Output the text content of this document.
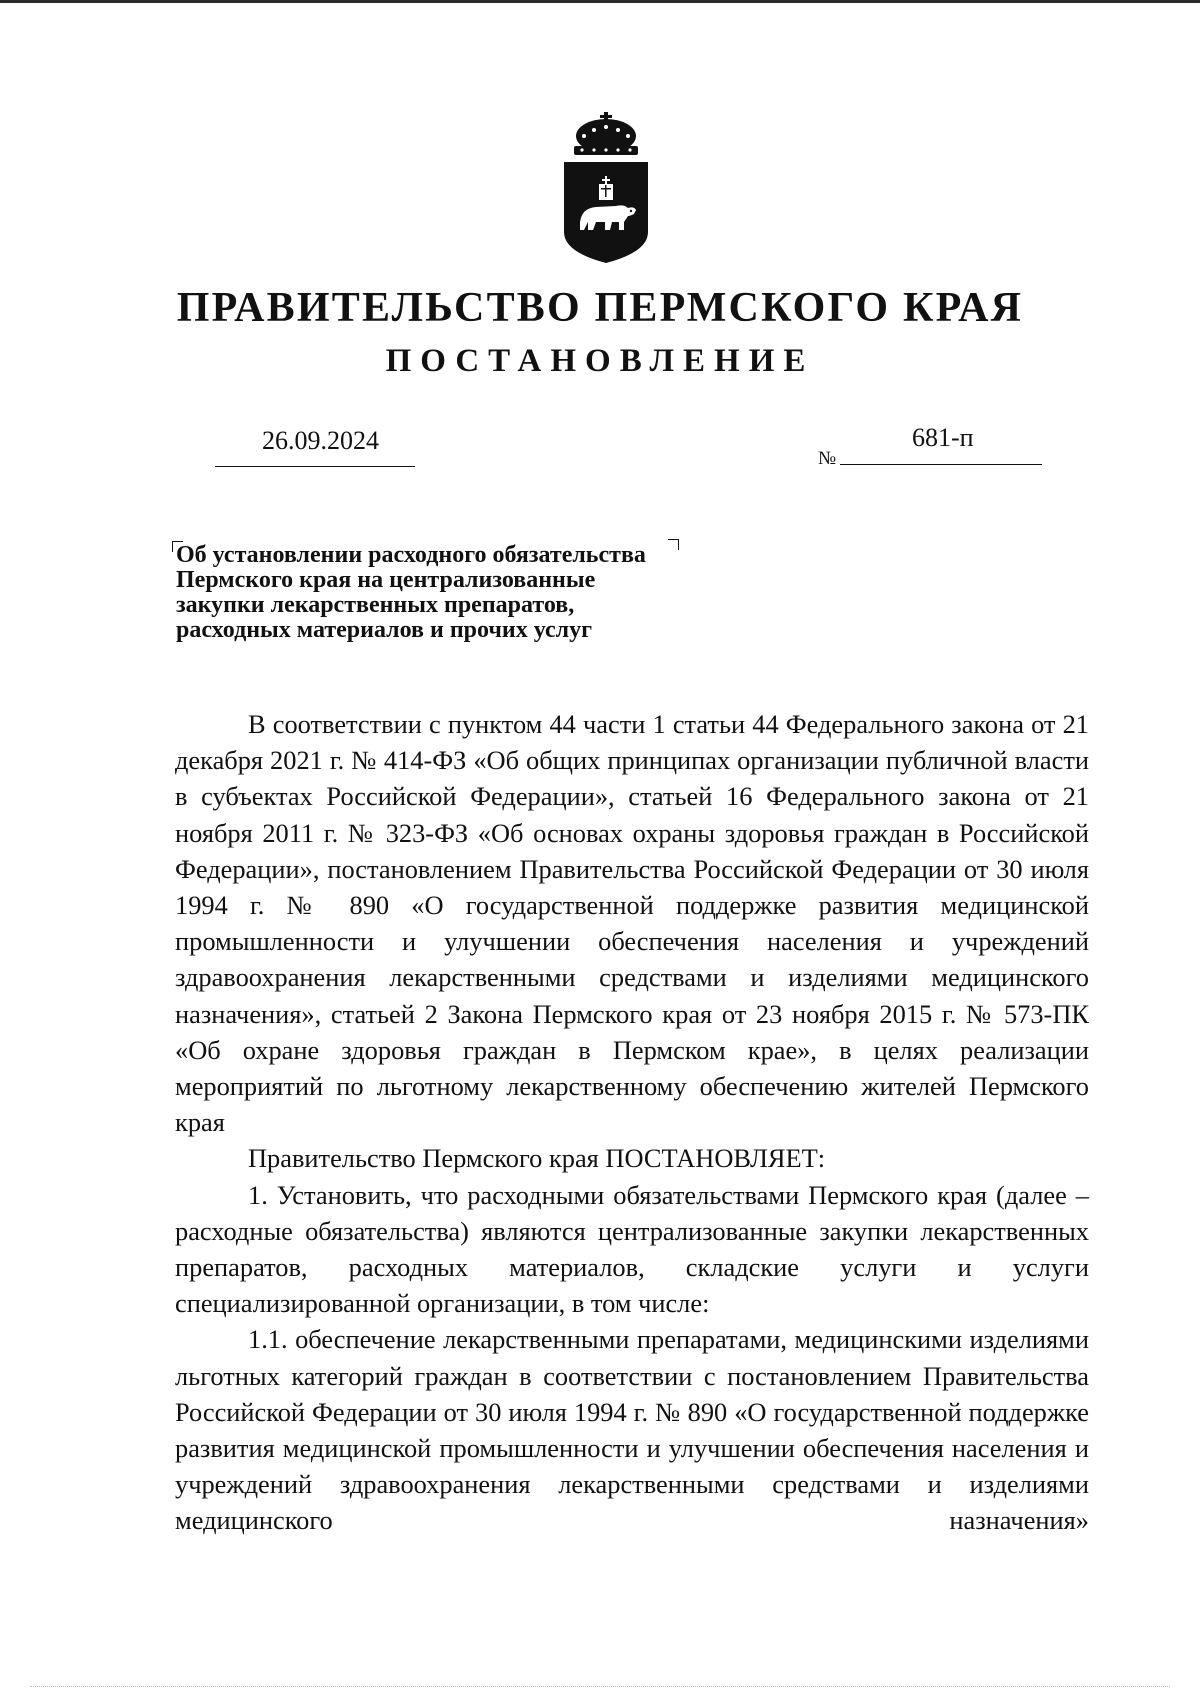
ПРАВИТЕЛЬСТВО ПЕРМСКОГО КРАЯ
ПОСТАНОВЛЕНИЕ
26.09.2024
№
681-п
Об установлении расходного обязательства
Пермского края на централизованные
закупки лекарственных препаратов,
расходных материалов и прочих услуг

В соответствии с пунктом 44 части 1 статьи 44 Федерального закона от 21 декабря 2021 г. № 414-ФЗ «Об общих принципах организации публичной власти в субъектах Российской Федерации», статьей 16 Федерального закона от 21 ноября 2011 г. № 323-ФЗ «Об основах охраны здоровья граждан в Российской Федерации», постановлением Правительства Российской Федерации от 30 июля 1994 г. № 890 «О государственной поддержке развития медицинской промышленности и улучшении обеспечения населения и учреждений здравоохранения лекарственными средствами и изделиями медицинского назначения», статьей 2 Закона Пермского края от 23 ноября 2015 г. № 573-ПК «Об охране здоровья граждан в Пермском крае», в целях реализации мероприятий по льготному лекарственному обеспечению жителей Пермского края

Правительство Пермского края ПОСТАНОВЛЯЕТ:

1. Установить, что расходными обязательствами Пермского края (далее – расходные обязательства) являются централизованные закупки лекарственных препаратов, расходных материалов, складские услуги и услуги специализированной организации, в том числе:

1.1. обеспечение лекарственными препаратами, медицинскими изделиями льготных категорий граждан в соответствии с постановлением Правительства Российской Федерации от 30 июля 1994 г. № 890 «О государственной поддержке развития медицинской промышленности и улучшении обеспечения населения и учреждений здравоохранения лекарственными средствами и изделиями медицинского назначения»
